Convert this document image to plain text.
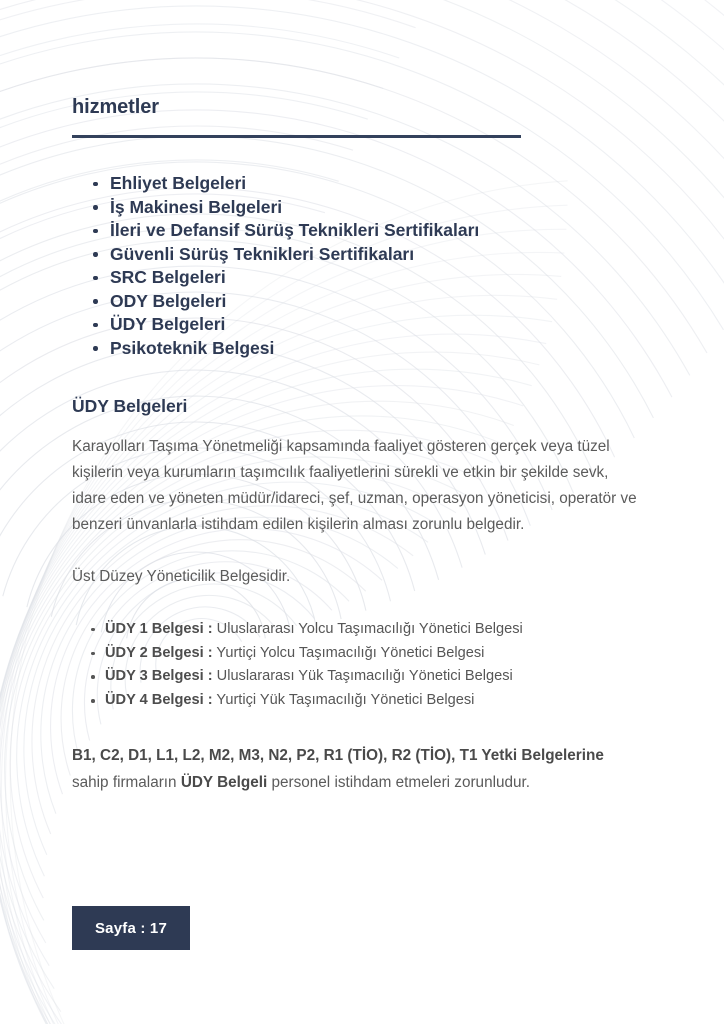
hizmetler
Ehliyet Belgeleri
İş Makinesi Belgeleri
İleri ve Defansif Sürüş Teknikleri Sertifikaları
Güvenli Sürüş Teknikleri Sertifikaları
SRC Belgeleri
ODY Belgeleri
ÜDY Belgeleri
Psikoteknik Belgesi
ÜDY Belgeleri

Karayolları Taşıma Yönetmeliği kapsamında faaliyet gösteren gerçek veya tüzel kişilerin veya kurumların taşımcılık faaliyetlerini sürekli ve etkin bir şekilde sevk, idare eden ve yöneten müdür/idareci, şef, uzman, operasyon yöneticisi, operatör ve benzeri ünvanlarla istihdam edilen kişilerin alması zorunlu belgedir.

Üst Düzey Yöneticilik Belgesidir.

ÜDY 1 Belgesi : Uluslararası Yolcu Taşımacılığı Yönetici Belgesi
ÜDY 2 Belgesi : Yurtiçi Yolcu Taşımacılığı Yönetici Belgesi
ÜDY 3 Belgesi : Uluslararası Yük Taşımacılığı Yönetici Belgesi
ÜDY 4 Belgesi : Yurtiçi Yük Taşımacılığı Yönetici Belgesi

B1, C2, D1, L1, L2, M2, M3, N2, P2, R1 (TİO), R2 (TİO), T1 Yetki Belgelerine sahip firmaların ÜDY Belgeli personel istihdam etmeleri zorunludur.

Sayfa : 17
